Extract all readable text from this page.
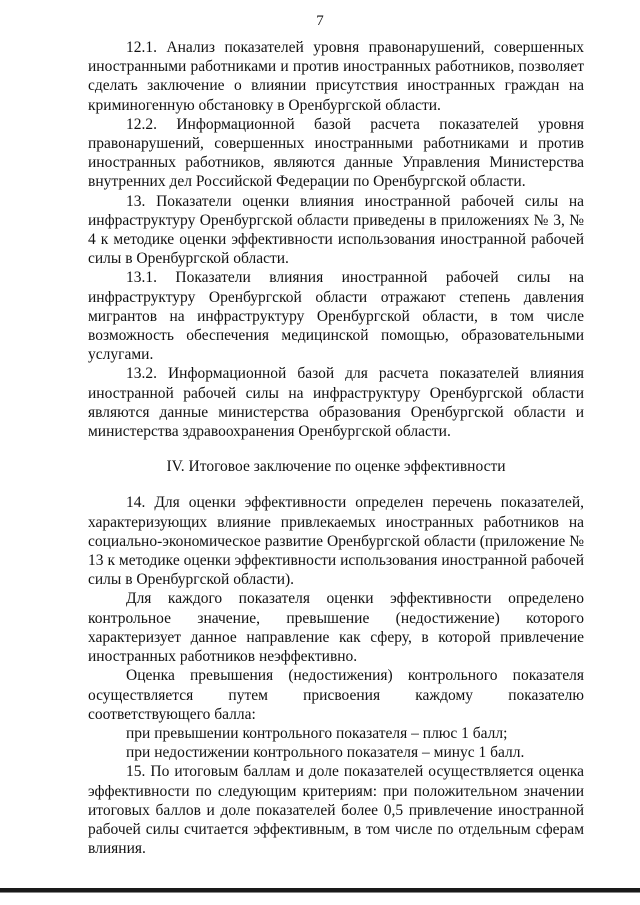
7

12.1. Анализ показателей уровня правонарушений, совершенных иностранными работниками и против иностранных работников, позволяет сделать заключение о влиянии присутствия иностранных граждан на криминогенную обстановку в Оренбургской области.

12.2. Информационной базой расчета показателей уровня правонарушений, совершенных иностранными работниками и против иностранных работников, являются данные Управления Министерства внутренних дел Российской Федерации по Оренбургской области.

13. Показатели оценки влияния иностранной рабочей силы на инфраструктуру Оренбургской области приведены в приложениях № 3, № 4 к методике оценки эффективности использования иностранной рабочей силы в Оренбургской области.

13.1. Показатели влияния иностранной рабочей силы на инфраструктуру Оренбургской области отражают степень давления мигрантов на инфраструктуру Оренбургской области, в том числе возможность обеспечения медицинской помощью, образовательными услугами.

13.2. Информационной базой для расчета показателей влияния иностранной рабочей силы на инфраструктуру Оренбургской области являются данные министерства образования Оренбургской области и министерства здравоохранения Оренбургской области.

IV. Итоговое заключение по оценке эффективности

14. Для оценки эффективности определен перечень показателей, характеризующих влияние привлекаемых иностранных работников на социально-экономическое развитие Оренбургской области (приложение № 13 к методике оценки эффективности использования иностранной рабочей силы в Оренбургской области).

Для каждого показателя оценки эффективности определено контрольное значение, превышение (недостижение) которого характеризует данное направление как сферу, в которой привлечение иностранных работников неэффективно.

Оценка превышения (недостижения) контрольного показателя осуществляется путем присвоения каждому показателю соответствующего балла:

при превышении контрольного показателя – плюс 1 балл;

при недостижении контрольного показателя – минус 1 балл.

15. По итоговым баллам и доле показателей осуществляется оценка эффективности по следующим критериям: при положительном значении итоговых баллов и доле показателей более 0,5 привлечение иностранной рабочей силы считается эффективным, в том числе по отдельным сферам влияния.
